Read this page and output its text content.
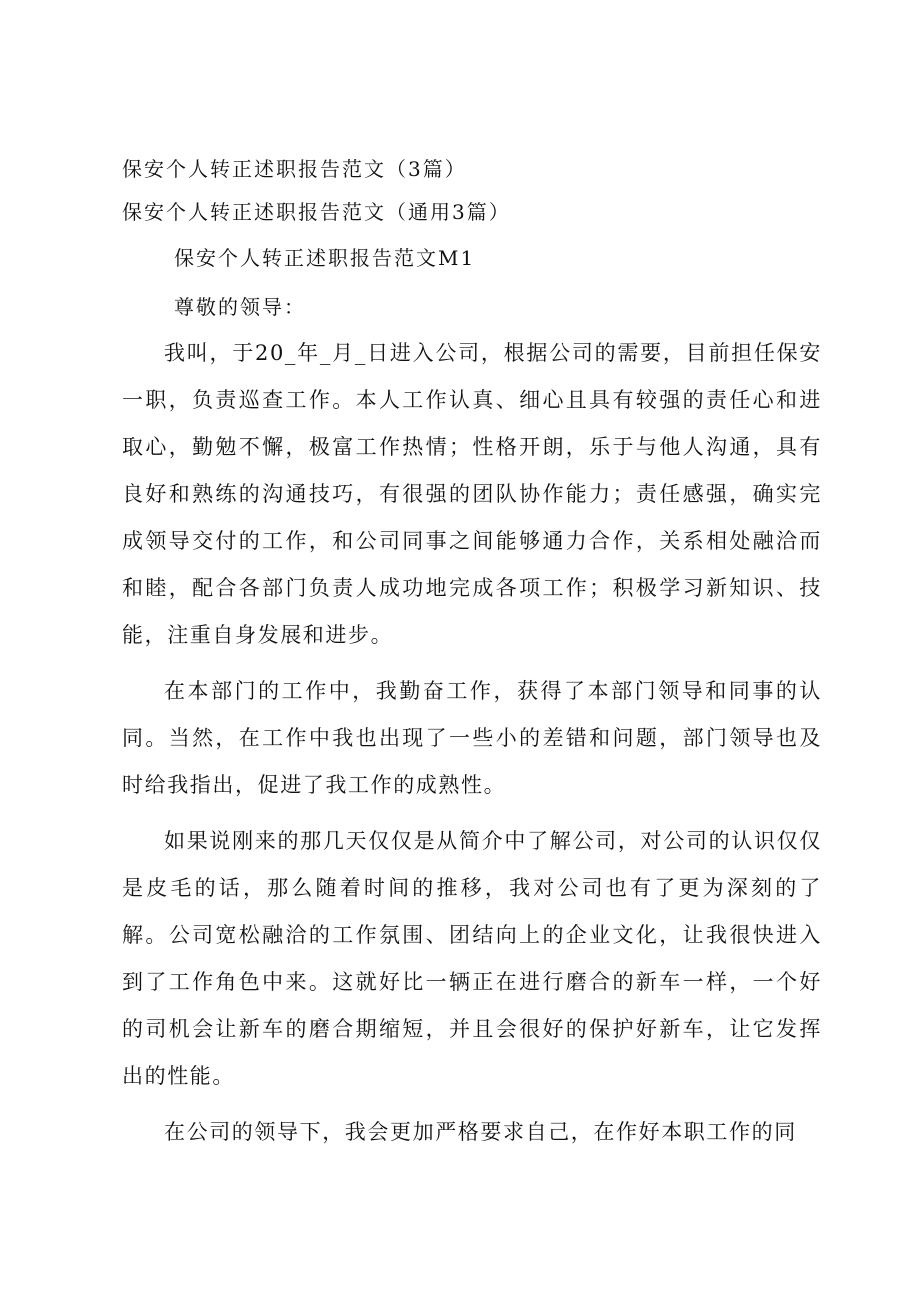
保安个人转正述职报告范文（3篇）
保安个人转正述职报告范文（通用3篇）
保安个人转正述职报告范文M1
尊敬的领导：

我叫，于20_年_月_日进入公司，根据公司的需要，目前担任保安一职，负责巡查工作。本人工作认真、细心且具有较强的责任心和进取心，勤勉不懈，极富工作热情；性格开朗，乐于与他人沟通，具有良好和熟练的沟通技巧，有很强的团队协作能力；责任感强，确实完成领导交付的工作，和公司同事之间能够通力合作，关系相处融洽而和睦，配合各部门负责人成功地完成各项工作；积极学习新知识、技能，注重自身发展和进步。

在本部门的工作中，我勤奋工作，获得了本部门领导和同事的认同。当然，在工作中我也出现了一些小的差错和问题，部门领导也及时给我指出，促进了我工作的成熟性。

如果说刚来的那几天仅仅是从简介中了解公司，对公司的认识仅仅是皮毛的话，那么随着时间的推移，我对公司也有了更为深刻的了解。公司宽松融洽的工作氛围、团结向上的企业文化，让我很快进入到了工作角色中来。这就好比一辆正在进行磨合的新车一样，一个好的司机会让新车的磨合期缩短，并且会很好的保护好新车，让它发挥出的性能。

在公司的领导下，我会更加严格要求自己，在作好本职工作的同
